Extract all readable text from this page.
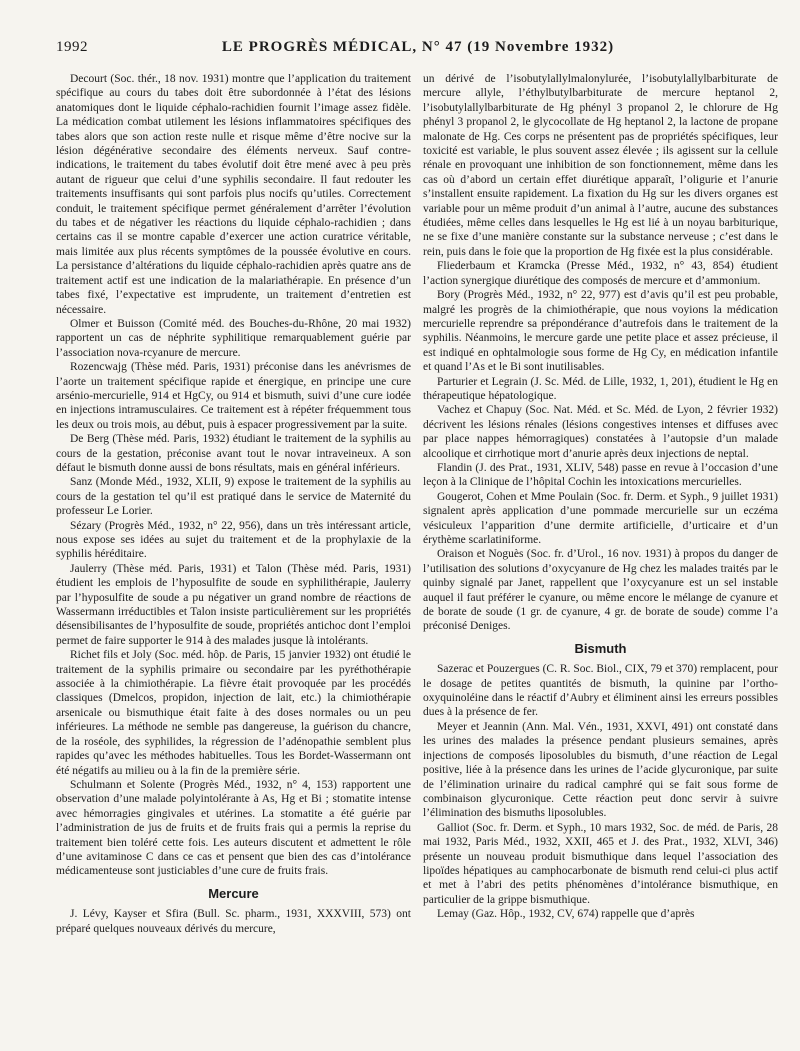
1992	LE PROGRÈS MÉDICAL, N° 47 (19 Novembre 1932)

Decourt (Soc. thér., 18 nov. 1931) montre que l’application du traitement spécifique au cours du tabes doit être subordonnée à l’état des lésions anatomiques dont le liquide céphalo-rachidien fournit l’image assez fidèle. La médication combat utilement les lésions inflammatoires spécifiques des tabes alors que son action reste nulle et risque même d’être nocive sur la lésion dégénérative secondaire des éléments nerveux. Sauf contre-indications, le traitement du tabes évolutif doit être mené avec à peu près autant de rigueur que celui d’une syphilis secondaire. Il faut redouter les traitements insuffisants qui sont parfois plus nocifs qu’utiles. Correctement conduit, le traitement spécifique permet généralement d’arrêter l’évolution du tabes et de négativer les réactions du liquide céphalo-rachidien ; dans certains cas il se montre capable d’exercer une action curatrice véritable, mais limitée aux plus récents symptômes de la poussée évolutive en cours. La persistance d’altérations du liquide céphalo-rachidien après quatre ans de traitement actif est une indication de la malariathérapie. En présence d’un tabes fixé, l’expectative est imprudente, un traitement d’entretien est nécessaire.

Olmer et Buisson (Comité méd. des Bouches-du-Rhône, 20 mai 1932) rapportent un cas de néphrite syphilitique remarquablement guérie par l’association nova-rcyanure de mercure.

Rozencwajg (Thèse méd. Paris, 1931) préconise dans les anévrismes de l’aorte un traitement spécifique rapide et énergique, en principe une cure arsénio-mercurielle, 914 et HgCy, ou 914 et bismuth, suivi d’une cure iodée en injections intramusculaires. Ce traitement est à répéter fréquemment tous les deux ou trois mois, au début, puis à espacer progressivement par la suite.

De Berg (Thèse méd. Paris, 1932) étudiant le traitement de la syphilis au cours de la gestation, préconise avant tout le novar intraveineux. A son défaut le bismuth donne aussi de bons résultats, mais en général inférieurs.

Sanz (Monde Méd., 1932, XLII, 9) expose le traitement de la syphilis au cours de la gestation tel qu’il est pratiqué dans le service de Maternité du professeur Le Lorier.

Sézary (Progrès Méd., 1932, n° 22, 956), dans un très intéressant article, nous expose ses idées au sujet du traitement et de la prophylaxie de la syphilis héréditaire.

Jaulerry (Thèse méd. Paris, 1931) et Talon (Thèse méd. Paris, 1931) étudient les emplois de l’hyposulfite de soude en syphilithérapie, Jaulerry par l’hyposulfite de soude a pu négativer un grand nombre de réactions de Wassermann irréductibles et Talon insiste particulièrement sur les propriétés désensibilisantes de l’hyposulfite de soude, propriétés antichoc dont l’emploi permet de faire supporter le 914 à des malades jusque là intolérants.

Richet fils et Joly (Soc. méd. hôp. de Paris, 15 janvier 1932) ont étudié le traitement de la syphilis primaire ou secondaire par les pyréthothérapie associée à la chimiothérapie. La fièvre était provoquée par les procédés classiques (Dmelcos, propidon, injection de lait, etc.) la chimiothérapie arsenicale ou bismuthique était faite à des doses normales ou un peu inférieures. La méthode ne semble pas dangereuse, la guérison du chancre, de la roséole, des syphilides, la régression de l’adénopathie semblent plus rapides qu’avec les méthodes habituelles. Tous les Bordet-Wassermann ont été négatifs au milieu ou à la fin de la première série.

Schulmann et Solente (Progrès Méd., 1932, n° 4, 153) rapportent une observation d’une malade polyintolérante à As, Hg et Bi ; stomatite intense avec hémorragies gingivales et utérines. La stomatite a été guérie par l’administration de jus de fruits et de fruits frais qui a permis la reprise du traitement bien toléré cette fois. Les auteurs discutent et admettent le rôle d’une avitaminose C dans ce cas et pensent que bien des cas d’intolérance médicamenteuse sont justiciables d’une cure de fruits frais.

Mercure

J. Lévy, Kayser et Sfira (Bull. Sc. pharm., 1931, XXXVIII, 573) ont préparé quelques nouveaux dérivés du mercure,

un dérivé de l’isobutylallylmalonylurée, l’isobutylallylbarbiturate de mercure allyle, l’éthylbutylbarbiturate de mercure heptanol 2, l’isobutylallylbarbiturate de Hg phényl 3 propanol 2, le chlorure de Hg phényl 3 propanol 2, le glycocollate de Hg heptanol 2, la lactone de propane malonate de Hg. Ces corps ne présentent pas de propriétés spécifiques, leur toxicité est variable, le plus souvent assez élevée ; ils agissent sur la cellule rénale en provoquant une inhibition de son fonctionnement, même dans les cas où d’abord un certain effet diurétique apparaît, l’oligurie et l’anurie s’installent ensuite rapidement. La fixation du Hg sur les divers organes est variable pour un même produit d’un animal à l’autre, aucune des substances étudiées, même celles dans lesquelles le Hg est lié à un noyau barbiturique, ne se fixe d’une manière constante sur la substance nerveuse ; c’est dans le rein, puis dans le foie que la proportion de Hg fixée est la plus considérable.

Fliederbaum et Kramcka (Presse Méd., 1932, n° 43, 854) étudient l’action synergique diurétique des composés de mercure et d’ammonium.

Bory (Progrès Méd., 1932, n° 22, 977) est d’avis qu’il est peu probable, malgré les progrès de la chimiothérapie, que nous voyions la médication mercurielle reprendre sa prépondérance d’autrefois dans le traitement de la syphilis. Néanmoins, le mercure garde une petite place et assez précieuse, il est indiqué en ophtalmologie sous forme de Hg Cy, en médication infantile et quand l’As et le Bi sont inutilisables.

Parturier et Legrain (J. Sc. Méd. de Lille, 1932, 1, 201), étudient le Hg en thérapeutique hépatologique.

Vachez et Chapuy (Soc. Nat. Méd. et Sc. Méd. de Lyon, 2 février 1932) décrivent les lésions rénales (lésions congestives intenses et diffuses avec par place nappes hémorragiques) constatées à l’autopsie d’un malade alcoolique et cirrhotique mort d’anurie après deux injections de neptal.

Flandin (J. des Prat., 1931, XLIV, 548) passe en revue à l’occasion d’une leçon à la Clinique de l’hôpital Cochin les intoxications mercurielles.

Gougerot, Cohen et Mme Poulain (Soc. fr. Derm. et Syph., 9 juillet 1931) signalent après application d’une pommade mercurielle sur un eczéma vésiculeux l’apparition d’une dermite artificielle, d’urticaire et d’un érythème scarlatiniforme.

Oraison et Noguès (Soc. fr. d’Urol., 16 nov. 1931) à propos du danger de l’utilisation des solutions d’oxycyanure de Hg chez les malades traités par le quinby signalé par Janet, rappellent que l’oxycyanure est un sel instable auquel il faut préférer le cyanure, ou même encore le mélange de cyanure et de borate de soude (1 gr. de cyanure, 4 gr. de borate de soude) comme l’a préconisé Deniges.

Bismuth

Sazerac et Pouzergues (C. R. Soc. Biol., CIX, 79 et 370) remplacent, pour le dosage de petites quantités de bismuth, la quinine par l’ortho-oxyquinoléine dans le réactif d’Aubry et éliminent ainsi les erreurs possibles dues à la présence de fer.

Meyer et Jeannin (Ann. Mal. Vén., 1931, XXVI, 491) ont constaté dans les urines des malades la présence pendant plusieurs semaines, après injections de composés liposolubles du bismuth, d’une réaction de Legal positive, liée à la présence dans les urines de l’acide glycuronique, par suite de l’élimination urinaire du radical camphré qui se fait sous forme de combinaison glycuronique. Cette réaction peut donc servir à suivre l’élimination des bismuths liposolubles.

Galliot (Soc. fr. Derm. et Syph., 10 mars 1932, Soc. de méd. de Paris, 28 mai 1932, Paris Méd., 1932, XXII, 465 et J. des Prat., 1932, XLVI, 346) présente un nouveau produit bismuthique dans lequel l’association des lipoïdes hépatiques au camphocarbonate de bismuth rend celui-ci plus actif et met à l’abri des petits phénomènes d’intolérance bismuthique, en particulier de la grippe bismuthique.

Lemay (Gaz. Hôp., 1932, CV, 674) rappelle que d’après
